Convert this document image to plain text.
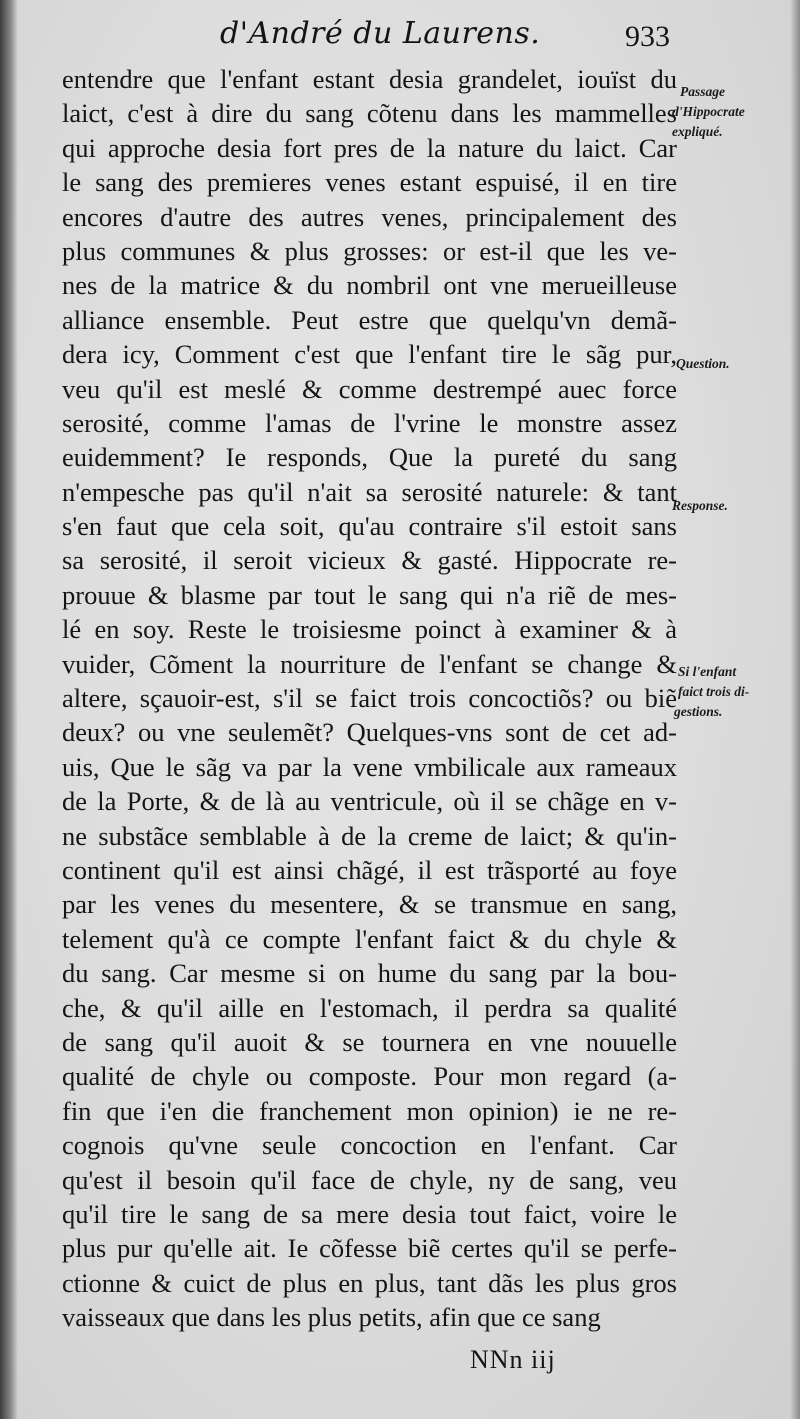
d'André du Laurens.	933
entendre que l'enfant estant desia grandelet, iouïst du
laict, c'est à dire du sang cõtenu dans les mammelles
qui approche desia fort pres de la nature du laict. Car
le sang des premieres venes estant espuisé, il en tire
encores d'autre des autres venes, principalement des
plus communes & plus grosses: or est-il que les ve-
nes de la matrice & du nombril ont vne merueilleuse
alliance ensemble. Peut estre que quelqu'vn demã-
dera icy, Comment c'est que l'enfant tire le sãg pur,
veu qu'il est meslé & comme destrempé auec force
serosité, comme l'amas de l'vrine le monstre assez
euidemment? Ie responds, Que la pureté du sang
n'empesche pas qu'il n'ait sa serosité naturele: & tant
s'en faut que cela soit, qu'au contraire s'il estoit sans
sa serosité, il seroit vicieux & gasté. Hippocrate re-
prouue & blasme par tout le sang qui n'a riẽ de mes-
lé en soy. Reste le troisiesme poinct à examiner & à
vuider, Cõment la nourriture de l'enfant se change &
altere, sçauoir-est, s'il se faict trois concoctiõs? ou biẽ
deux? ou vne seulemẽt? Quelques-vns sont de cet ad-
uis, Que le sãg va par la vene vmbilicale aux rameaux
de la Porte, & de là au ventricule, où il se chãge en v-
ne substãce semblable à de la creme de laict; & qu'in-
continent qu'il est ainsi chãgé, il est trãsporté au foye
par les venes du mesentere, & se transmue en sang,
telement qu'à ce compte l'enfant faict & du chyle &
du sang. Car mesme si on hume du sang par la bou-
che, & qu'il aille en l'estomach, il perdra sa qualité
de sang qu'il auoit & se tournera en vne nouuelle
qualité de chyle ou composte. Pour mon regard (a-
fin que i'en die franchement mon opinion) ie ne re-
cognois qu'vne seule concoction en l'enfant. Car
qu'est il besoin qu'il face de chyle, ny de sang, veu
qu'il tire le sang de sa mere desia tout faict, voire le
plus pur qu'elle ait. Ie cõfesse biẽ certes qu'il se perfe-
ctionne & cuict de plus en plus, tant dãs les plus gros
vaisseaux que dans les plus petits, afin que ce sang
Passage
d'Hippocrate
expliqué.
Question.
Response.
Si l'enfant
faict trois di-
gestions.
NNn iij
